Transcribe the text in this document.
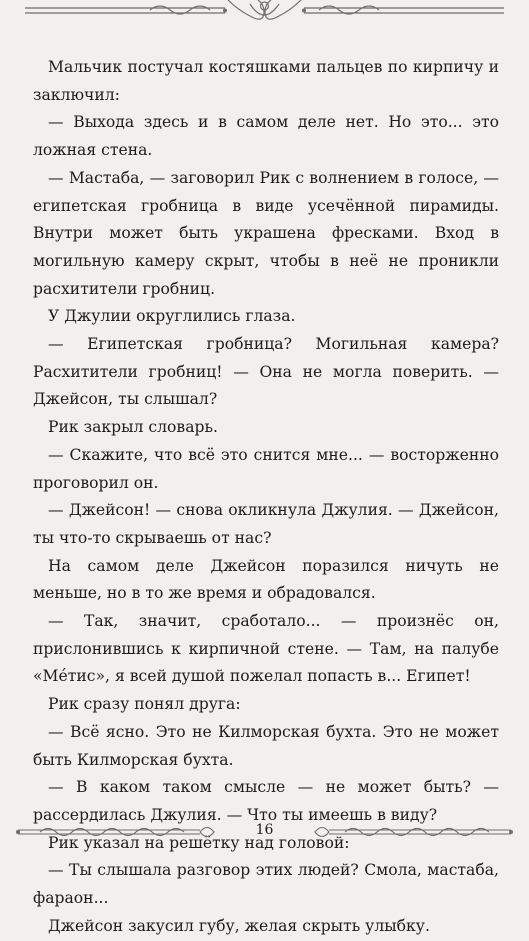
Мальчик постучал костяшками пальцев по кирпичу и заключил:

— Выхода здесь и в самом деле нет. Но это... это ложная стена.

— Мастаба, — заговорил Рик с волнением в голосе, — египетская гробница в виде усечённой пирамиды. Внутри может быть украшена фресками. Вход в могильную камеру скрыт, чтобы в неё не проникли расхитители гробниц.

У Джулии округлились глаза.

— Египетская гробница? Могильная камера? Расхитители гробниц! — Она не могла поверить. — Джейсон, ты слышал?

Рик закрыл словарь.

— Скажите, что всё это снится мне... — восторженно проговорил он.

— Джейсон! — снова окликнула Джулия. — Джейсон, ты что-то скрываешь от нас?

На самом деле Джейсон поразился ничуть не меньше, но в то же время и обрадовался.

— Так, значит, сработало... — произнёс он, прислонившись к кирпичной стене. — Там, на палубе «Ме́тис», я всей душой пожелал попасть в... Египет!

Рик сразу понял друга:

— Всё ясно. Это не Килморская бухта. Это не может быть Килморская бухта.

— В каком таком смысле — не может быть? — рассердилась Джулия. — Что ты имеешь в виду?

Рик указал на решётку над головой:

— Ты слышала разговор этих людей? Смола, мастаба, фараон...

Джейсон закусил губу, желая скрыть улыбку.

16
